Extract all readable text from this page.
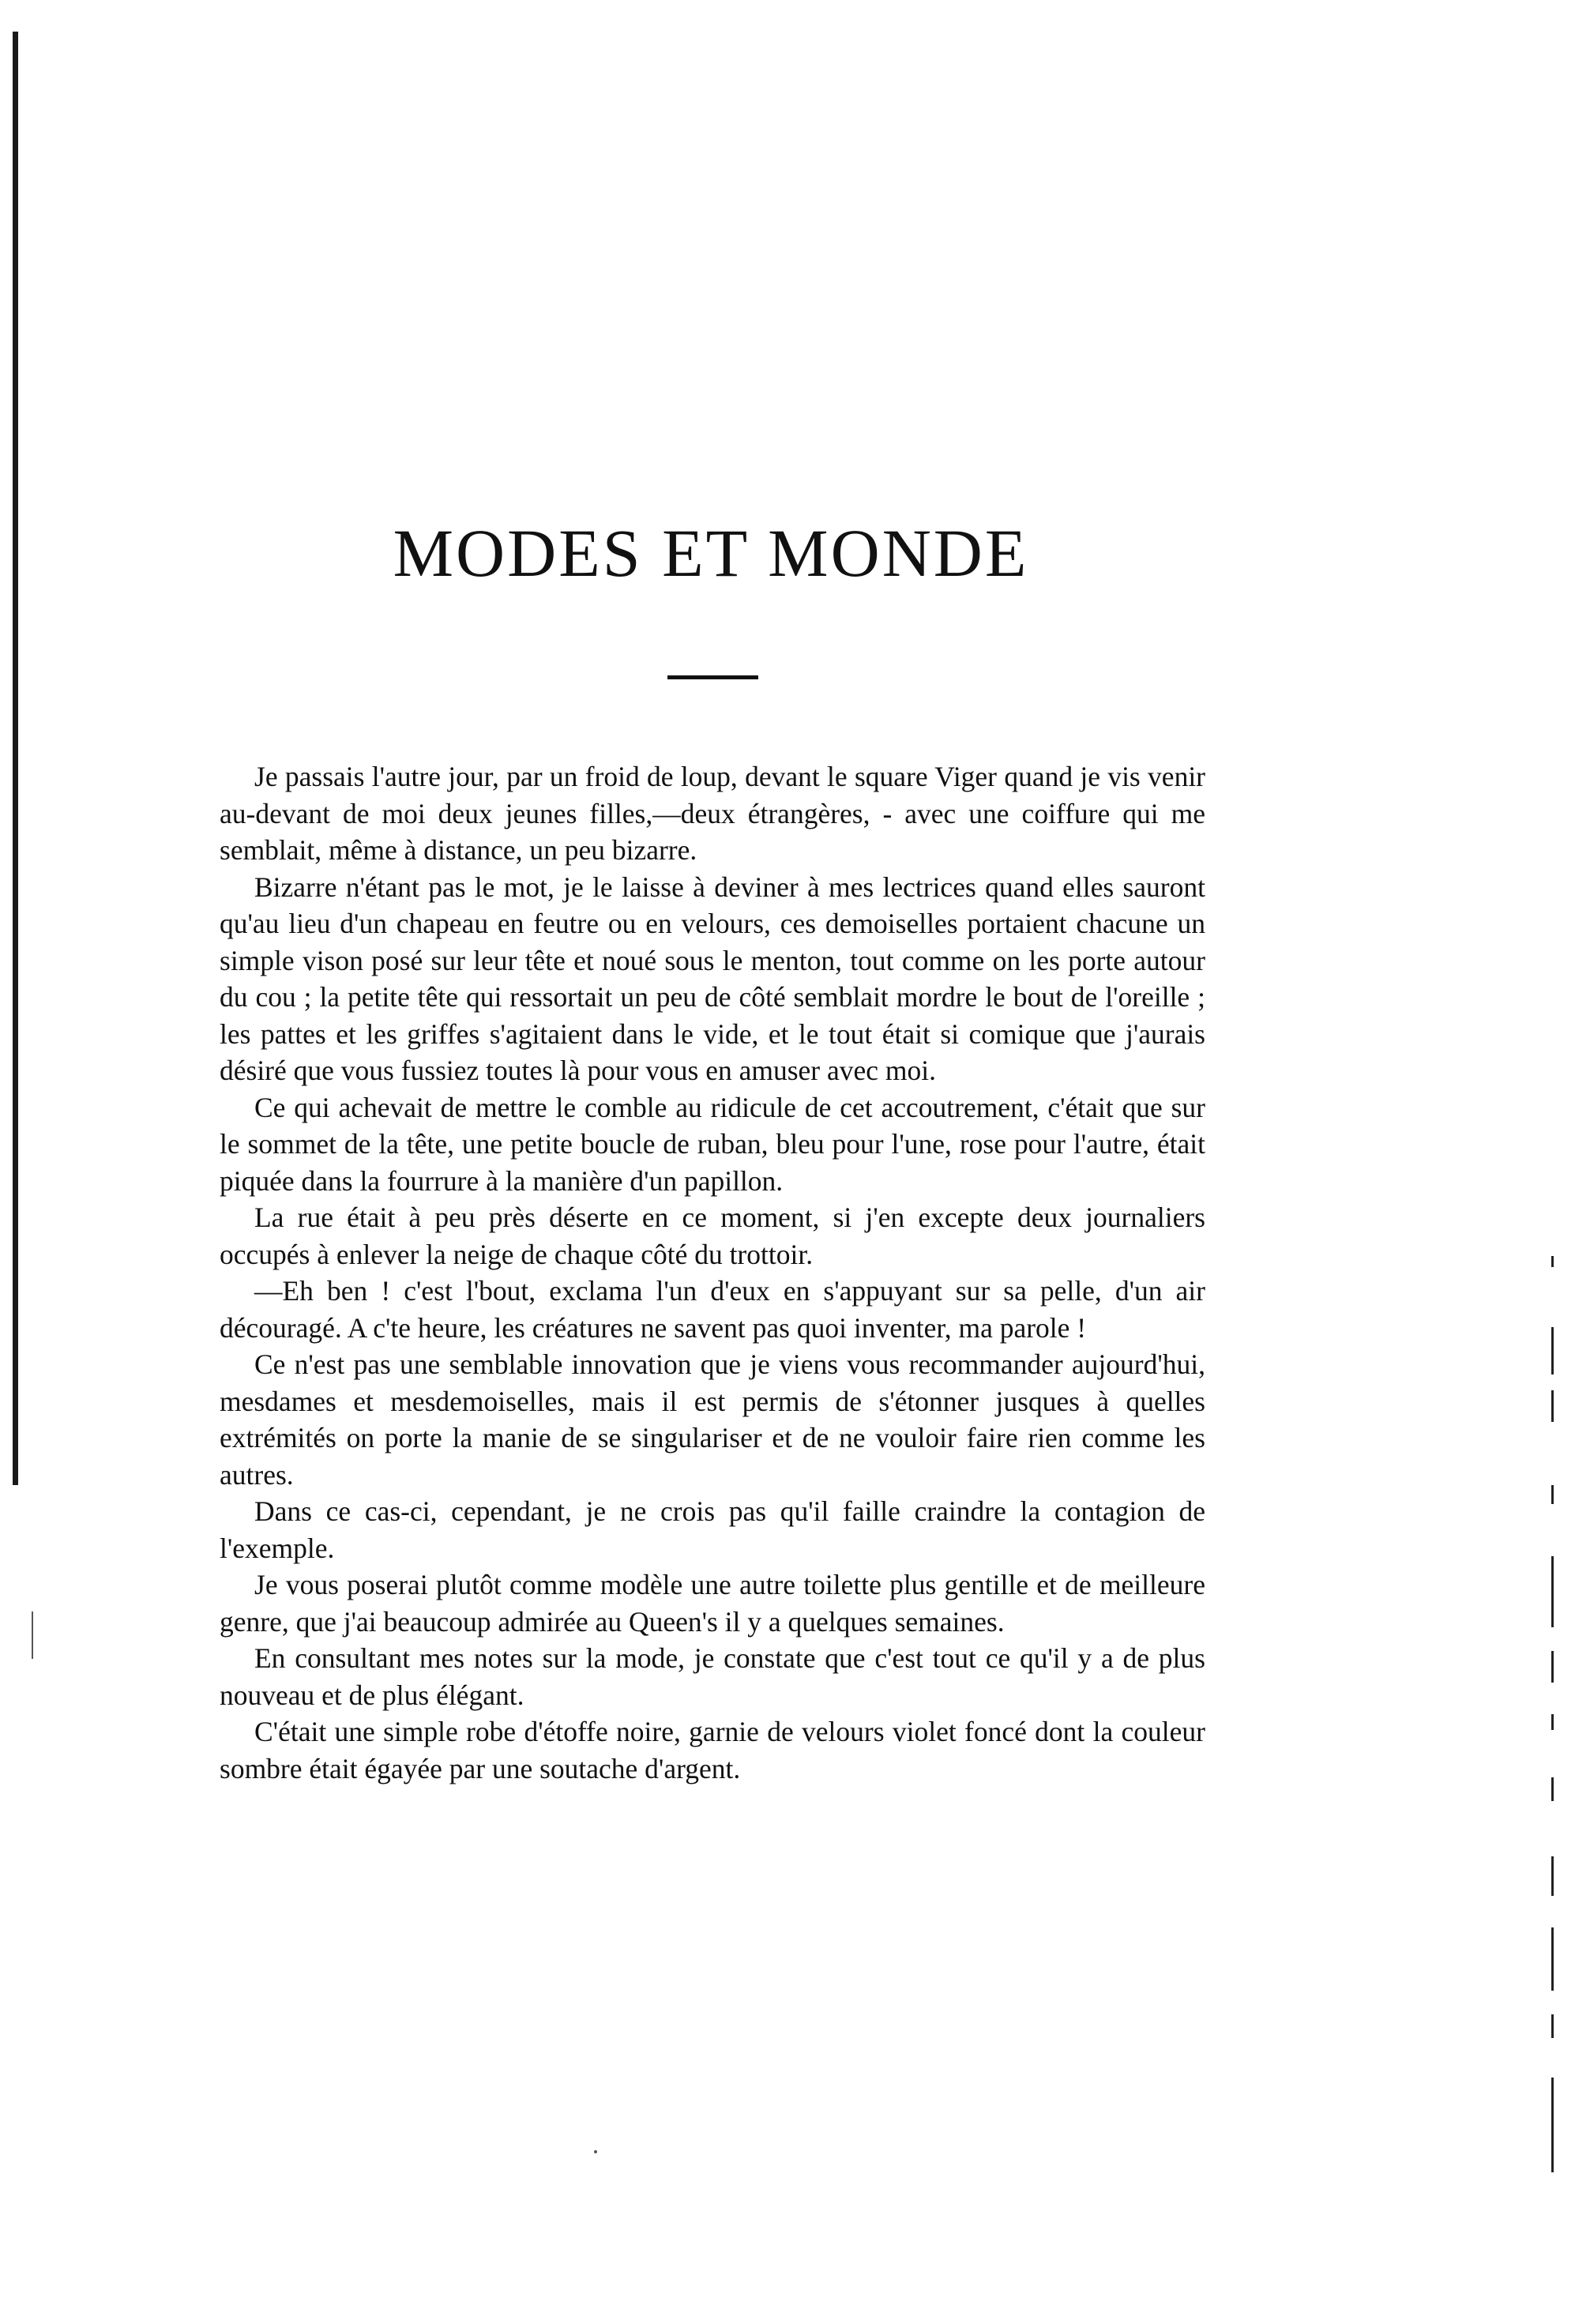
MODES ET MONDE

Je passais l'autre jour, par un froid de loup, devant le square Viger quand je vis venir au-devant de moi deux jeunes filles,—deux étrangères, - avec une coiffure qui me semblait, même à distance, un peu bizarre.

Bizarre n'étant pas le mot, je le laisse à deviner à mes lectrices quand elles sauront qu'au lieu d'un chapeau en feutre ou en velours, ces demoiselles portaient chacune un simple vison posé sur leur tête et noué sous le menton, tout comme on les porte autour du cou ; la petite tête qui ressortait un peu de côté semblait mordre le bout de l'oreille ; les pattes et les griffes s'agitaient dans le vide, et le tout était si comique que j'aurais désiré que vous fussiez toutes là pour vous en amuser avec moi.

Ce qui achevait de mettre le comble au ridicule de cet accoutrement, c'était que sur le sommet de la tête, une petite boucle de ruban, bleu pour l'une, rose pour l'autre, était piquée dans la fourrure à la manière d'un papillon.

La rue était à peu près déserte en ce moment, si j'en excepte deux journaliers occupés à enlever la neige de chaque côté du trottoir.

—Eh ben ! c'est l'bout, exclama l'un d'eux en s'appuyant sur sa pelle, d'un air découragé. A c'te heure, les créatures ne savent pas quoi inventer, ma parole !

Ce n'est pas une semblable innovation que je viens vous recommander aujourd'hui, mesdames et mesdemoiselles, mais il est permis de s'étonner jusques à quelles extrémités on porte la manie de se singulariser et de ne vouloir faire rien comme les autres.

Dans ce cas-ci, cependant, je ne crois pas qu'il faille craindre la contagion de l'exemple.

Je vous poserai plutôt comme modèle une autre toilette plus gentille et de meilleure genre, que j'ai beaucoup admirée au Queen's il y a quelques semaines.

En consultant mes notes sur la mode, je constate que c'est tout ce qu'il y a de plus nouveau et de plus élégant.

C'était une simple robe d'étoffe noire, garnie de velours violet foncé dont la couleur sombre était égayée par une soutache d'argent.
